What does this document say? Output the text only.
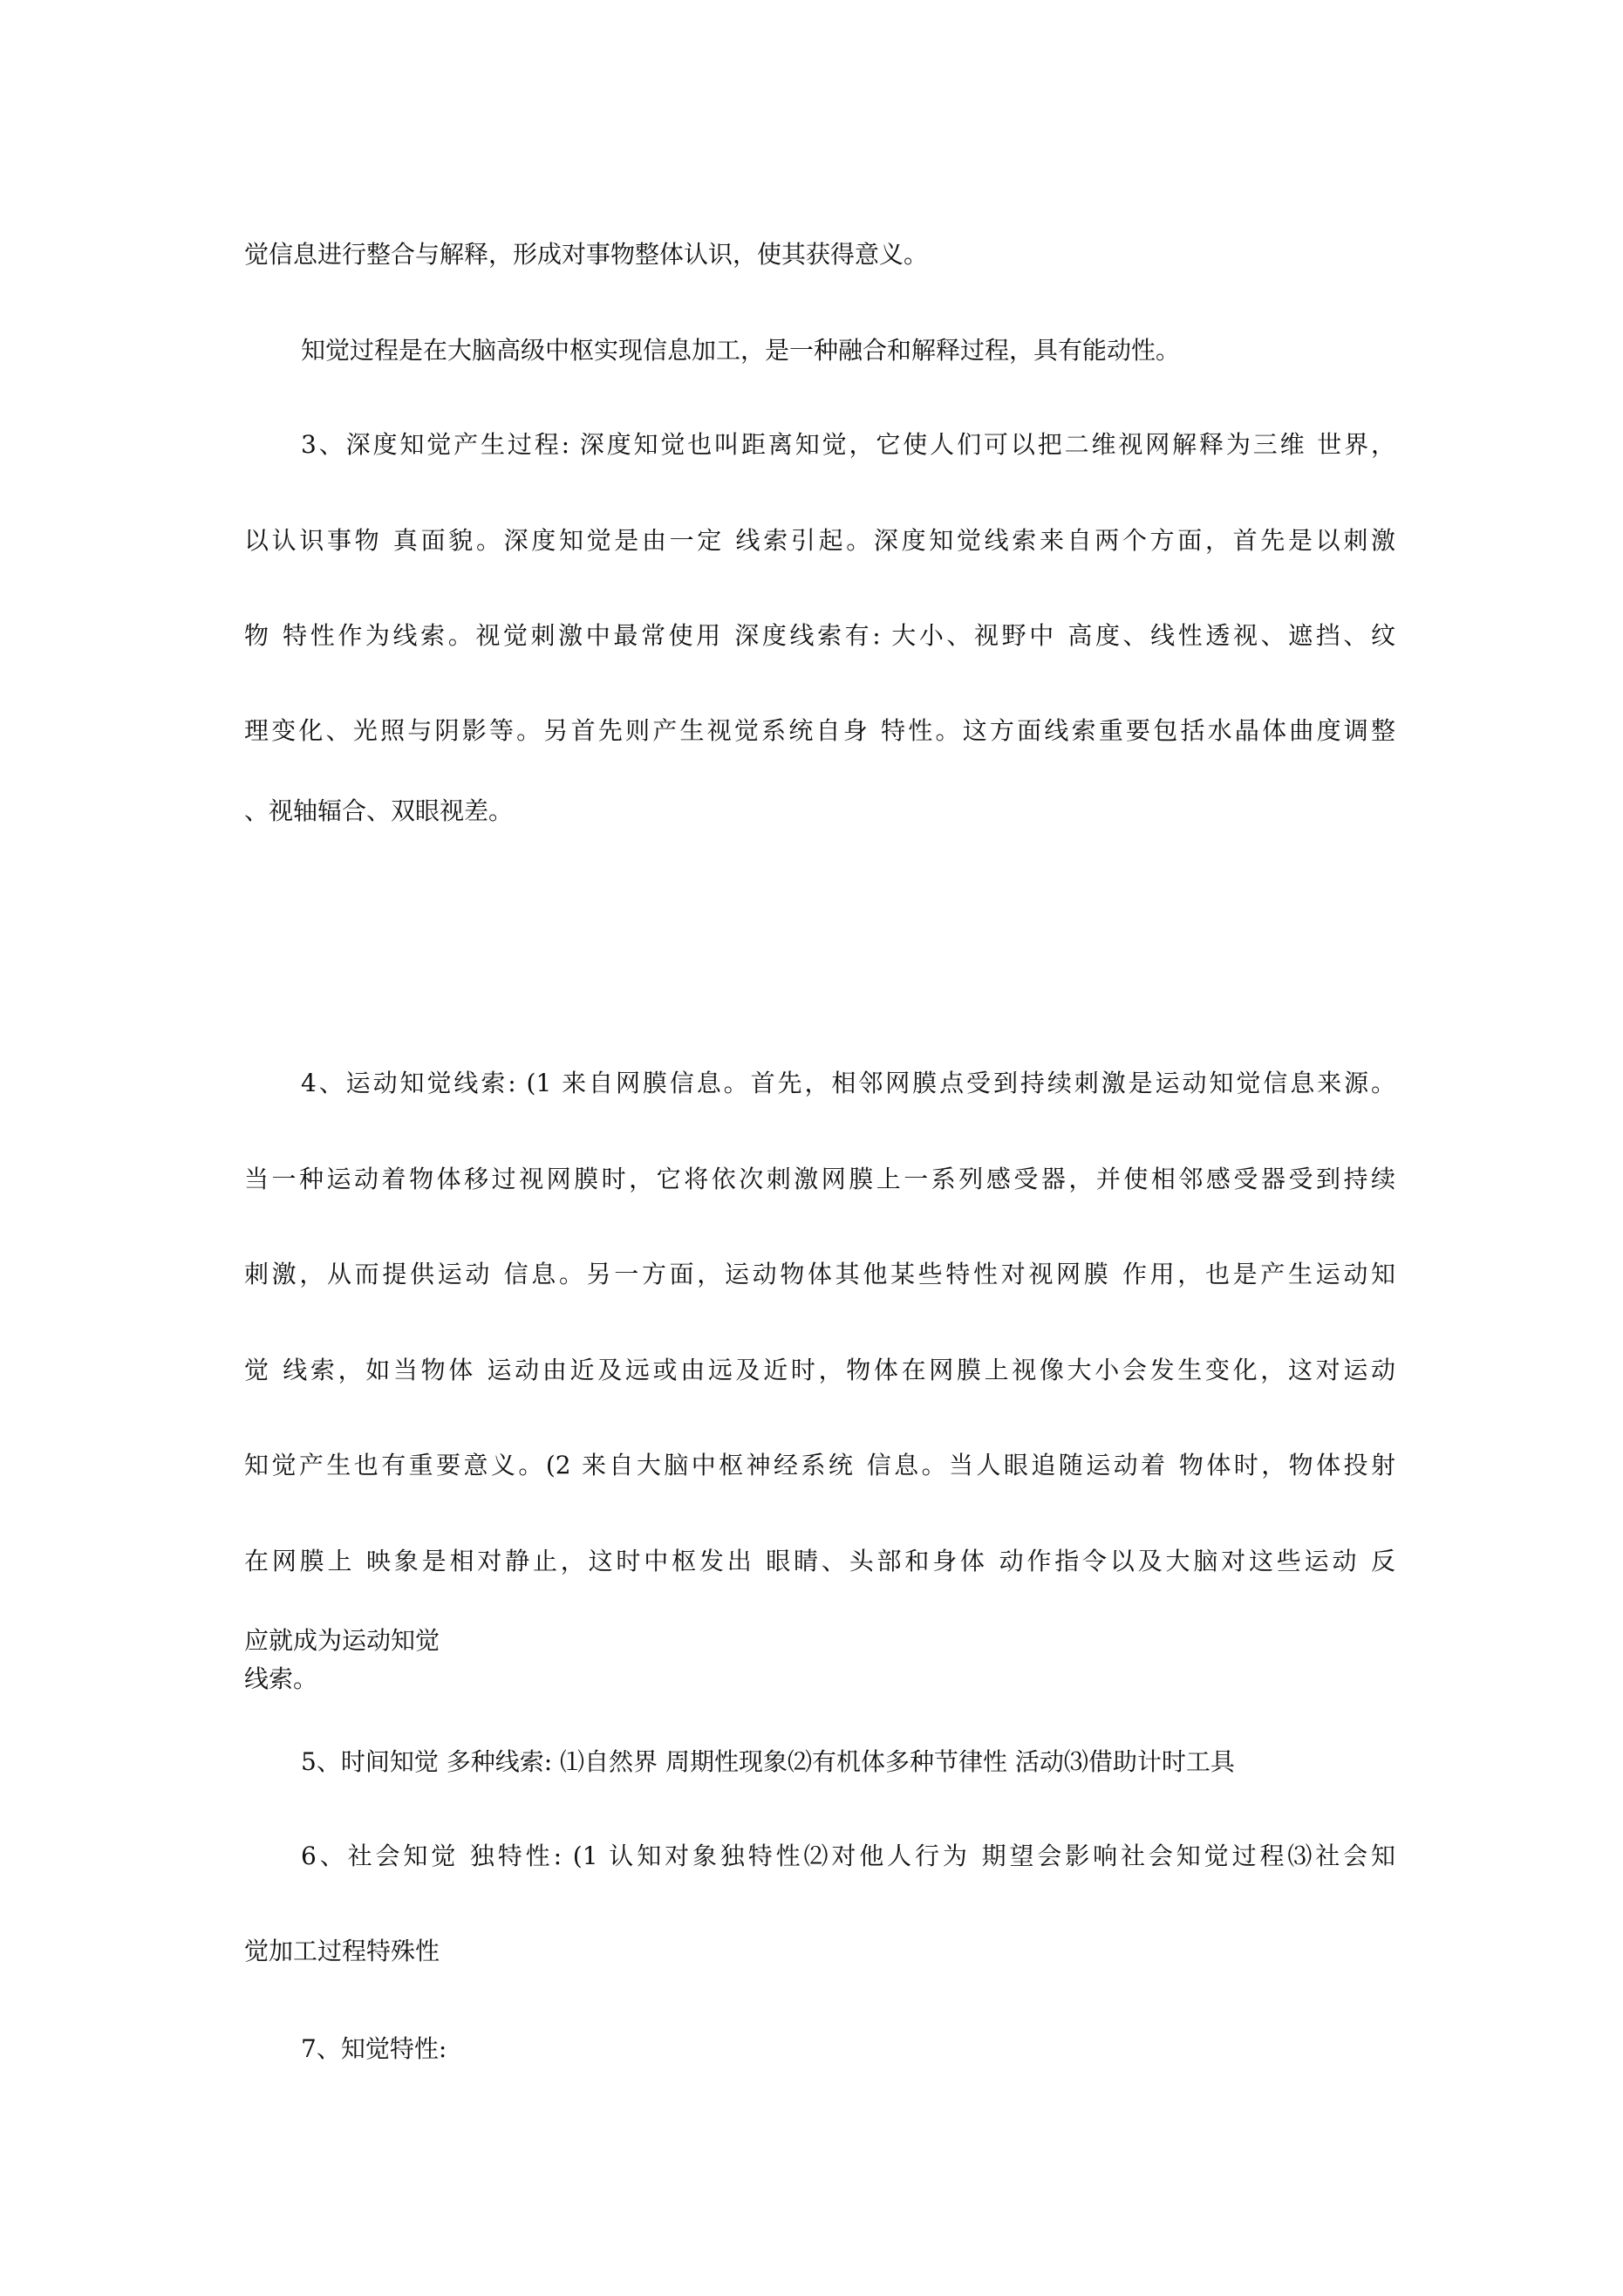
觉信息进行整合与解释，形成对事物整体认识，使其获得意义。
知觉过程是在大脑高级中枢实现信息加工，是一种融合和解释过程，具有能动性。
3、深度知觉产生过程: 深度知觉也叫距离知觉，它使人们可以把二维视网解释为三维 世界，
以认识事物 真面貌。深度知觉是由一定 线索引起。深度知觉线索来自两个方面，首先是以刺激
物 特性作为线索。视觉刺激中最常使用 深度线索有: 大小、视野中 高度、线性透视、遮挡、纹
理变化、光照与阴影等。另首先则产生视觉系统自身 特性。这方面线索重要包括水晶体曲度调整
、视轴辐合、双眼视差。
4、运动知觉线索: (1 来自网膜信息。首先，相邻网膜点受到持续刺激是运动知觉信息来源。
当一种运动着物体移过视网膜时，它将依次刺激网膜上一系列感受器，并使相邻感受器受到持续
刺激，从而提供运动 信息。另一方面，运动物体其他某些特性对视网膜 作用，也是产生运动知
觉 线索，如当物体 运动由近及远或由远及近时，物体在网膜上视像大小会发生变化，这对运动
知觉产生也有重要意义。(2 来自大脑中枢神经系统 信息。当人眼追随运动着 物体时，物体投射
在网膜上 映象是相对静止，这时中枢发出 眼睛、头部和身体 动作指令以及大脑对这些运动 反
应就成为运动知觉
线索。
5、时间知觉 多种线索: ⑴自然界 周期性现象⑵有机体多种节律性 活动⑶借助计时工具
6、社会知觉 独特性: (1 认知对象独特性⑵对他人行为 期望会影响社会知觉过程⑶社会知
觉加工过程特殊性
7、知觉特性:
